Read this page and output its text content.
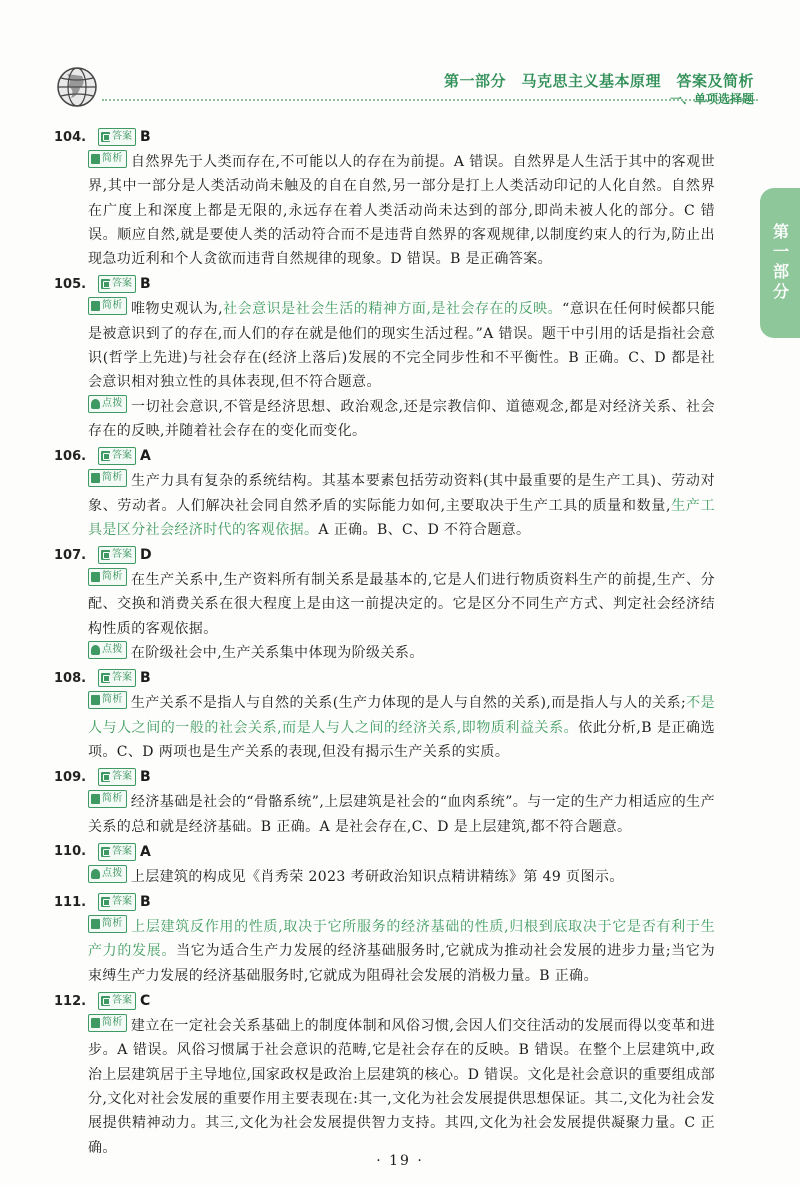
第一部分　马克思主义基本原理　答案及简析

一、单项选择题

第一部分
104.	答案 B

简析 自然界先于人类而存在,不可能以人的存在为前提。A 错误。自然界是人生活于其中的客观世界,其中一部分是人类活动尚未触及的自在自然,另一部分是打上人类活动印记的人化自然。自然界在广度上和深度上都是无限的,永远存在着人类活动尚未达到的部分,即尚未被人化的部分。C 错误。顺应自然,就是要使人类的活动符合而不是违背自然界的客观规律,以制度约束人的行为,防止出现急功近利和个人贪欲而违背自然规律的现象。D 错误。B 是正确答案。

105.	答案 B

简析 唯物史观认为,社会意识是社会生活的精神方面,是社会存在的反映。“意识在任何时候都只能是被意识到了的存在,而人们的存在就是他们的现实生活过程。”A 错误。题干中引用的话是指社会意识(哲学上先进)与社会存在(经济上落后)发展的不完全同步性和不平衡性。B 正确。C、D 都是社会意识相对独立性的具体表现,但不符合题意。

点拨 一切社会意识,不管是经济思想、政治观念,还是宗教信仰、道德观念,都是对经济关系、社会存在的反映,并随着社会存在的变化而变化。

106.	答案 A

简析 生产力具有复杂的系统结构。其基本要素包括劳动资料(其中最重要的是生产工具)、劳动对象、劳动者。人们解决社会同自然矛盾的实际能力如何,主要取决于生产工具的质量和数量,生产工具是区分社会经济时代的客观依据。A 正确。B、C、D 不符合题意。

107.	答案 D

简析 在生产关系中,生产资料所有制关系是最基本的,它是人们进行物质资料生产的前提,生产、分配、交换和消费关系在很大程度上是由这一前提决定的。它是区分不同生产方式、判定社会经济结构性质的客观依据。

点拨 在阶级社会中,生产关系集中体现为阶级关系。

108.	答案 B

简析 生产关系不是指人与自然的关系(生产力体现的是人与自然的关系),而是指人与人的关系;不是人与人之间的一般的社会关系,而是人与人之间的经济关系,即物质利益关系。依此分析,B 是正确选项。C、D 两项也是生产关系的表现,但没有揭示生产关系的实质。

109.	答案 B

简析 经济基础是社会的“骨骼系统”,上层建筑是社会的“血肉系统”。与一定的生产力相适应的生产关系的总和就是经济基础。B 正确。A 是社会存在,C、D 是上层建筑,都不符合题意。

110.	答案 A

点拨 上层建筑的构成见《肖秀荣 2023 考研政治知识点精讲精练》第 49 页图示。

111.	答案 B

简析 上层建筑反作用的性质,取决于它所服务的经济基础的性质,归根到底取决于它是否有利于生产力的发展。当它为适合生产力发展的经济基础服务时,它就成为推动社会发展的进步力量;当它为束缚生产力发展的经济基础服务时,它就成为阻碍社会发展的消极力量。B 正确。

112.	答案 C

简析 建立在一定社会关系基础上的制度体制和风俗习惯,会因人们交往活动的发展而得以变革和进步。A 错误。风俗习惯属于社会意识的范畴,它是社会存在的反映。B 错误。在整个上层建筑中,政治上层建筑居于主导地位,国家政权是政治上层建筑的核心。D 错误。文化是社会意识的重要组成部分,文化对社会发展的重要作用主要表现在:其一,文化为社会发展提供思想保证。其二,文化为社会发展提供精神动力。其三,文化为社会发展提供智力支持。其四,文化为社会发展提供凝聚力量。C 正确。

· 19 ·
